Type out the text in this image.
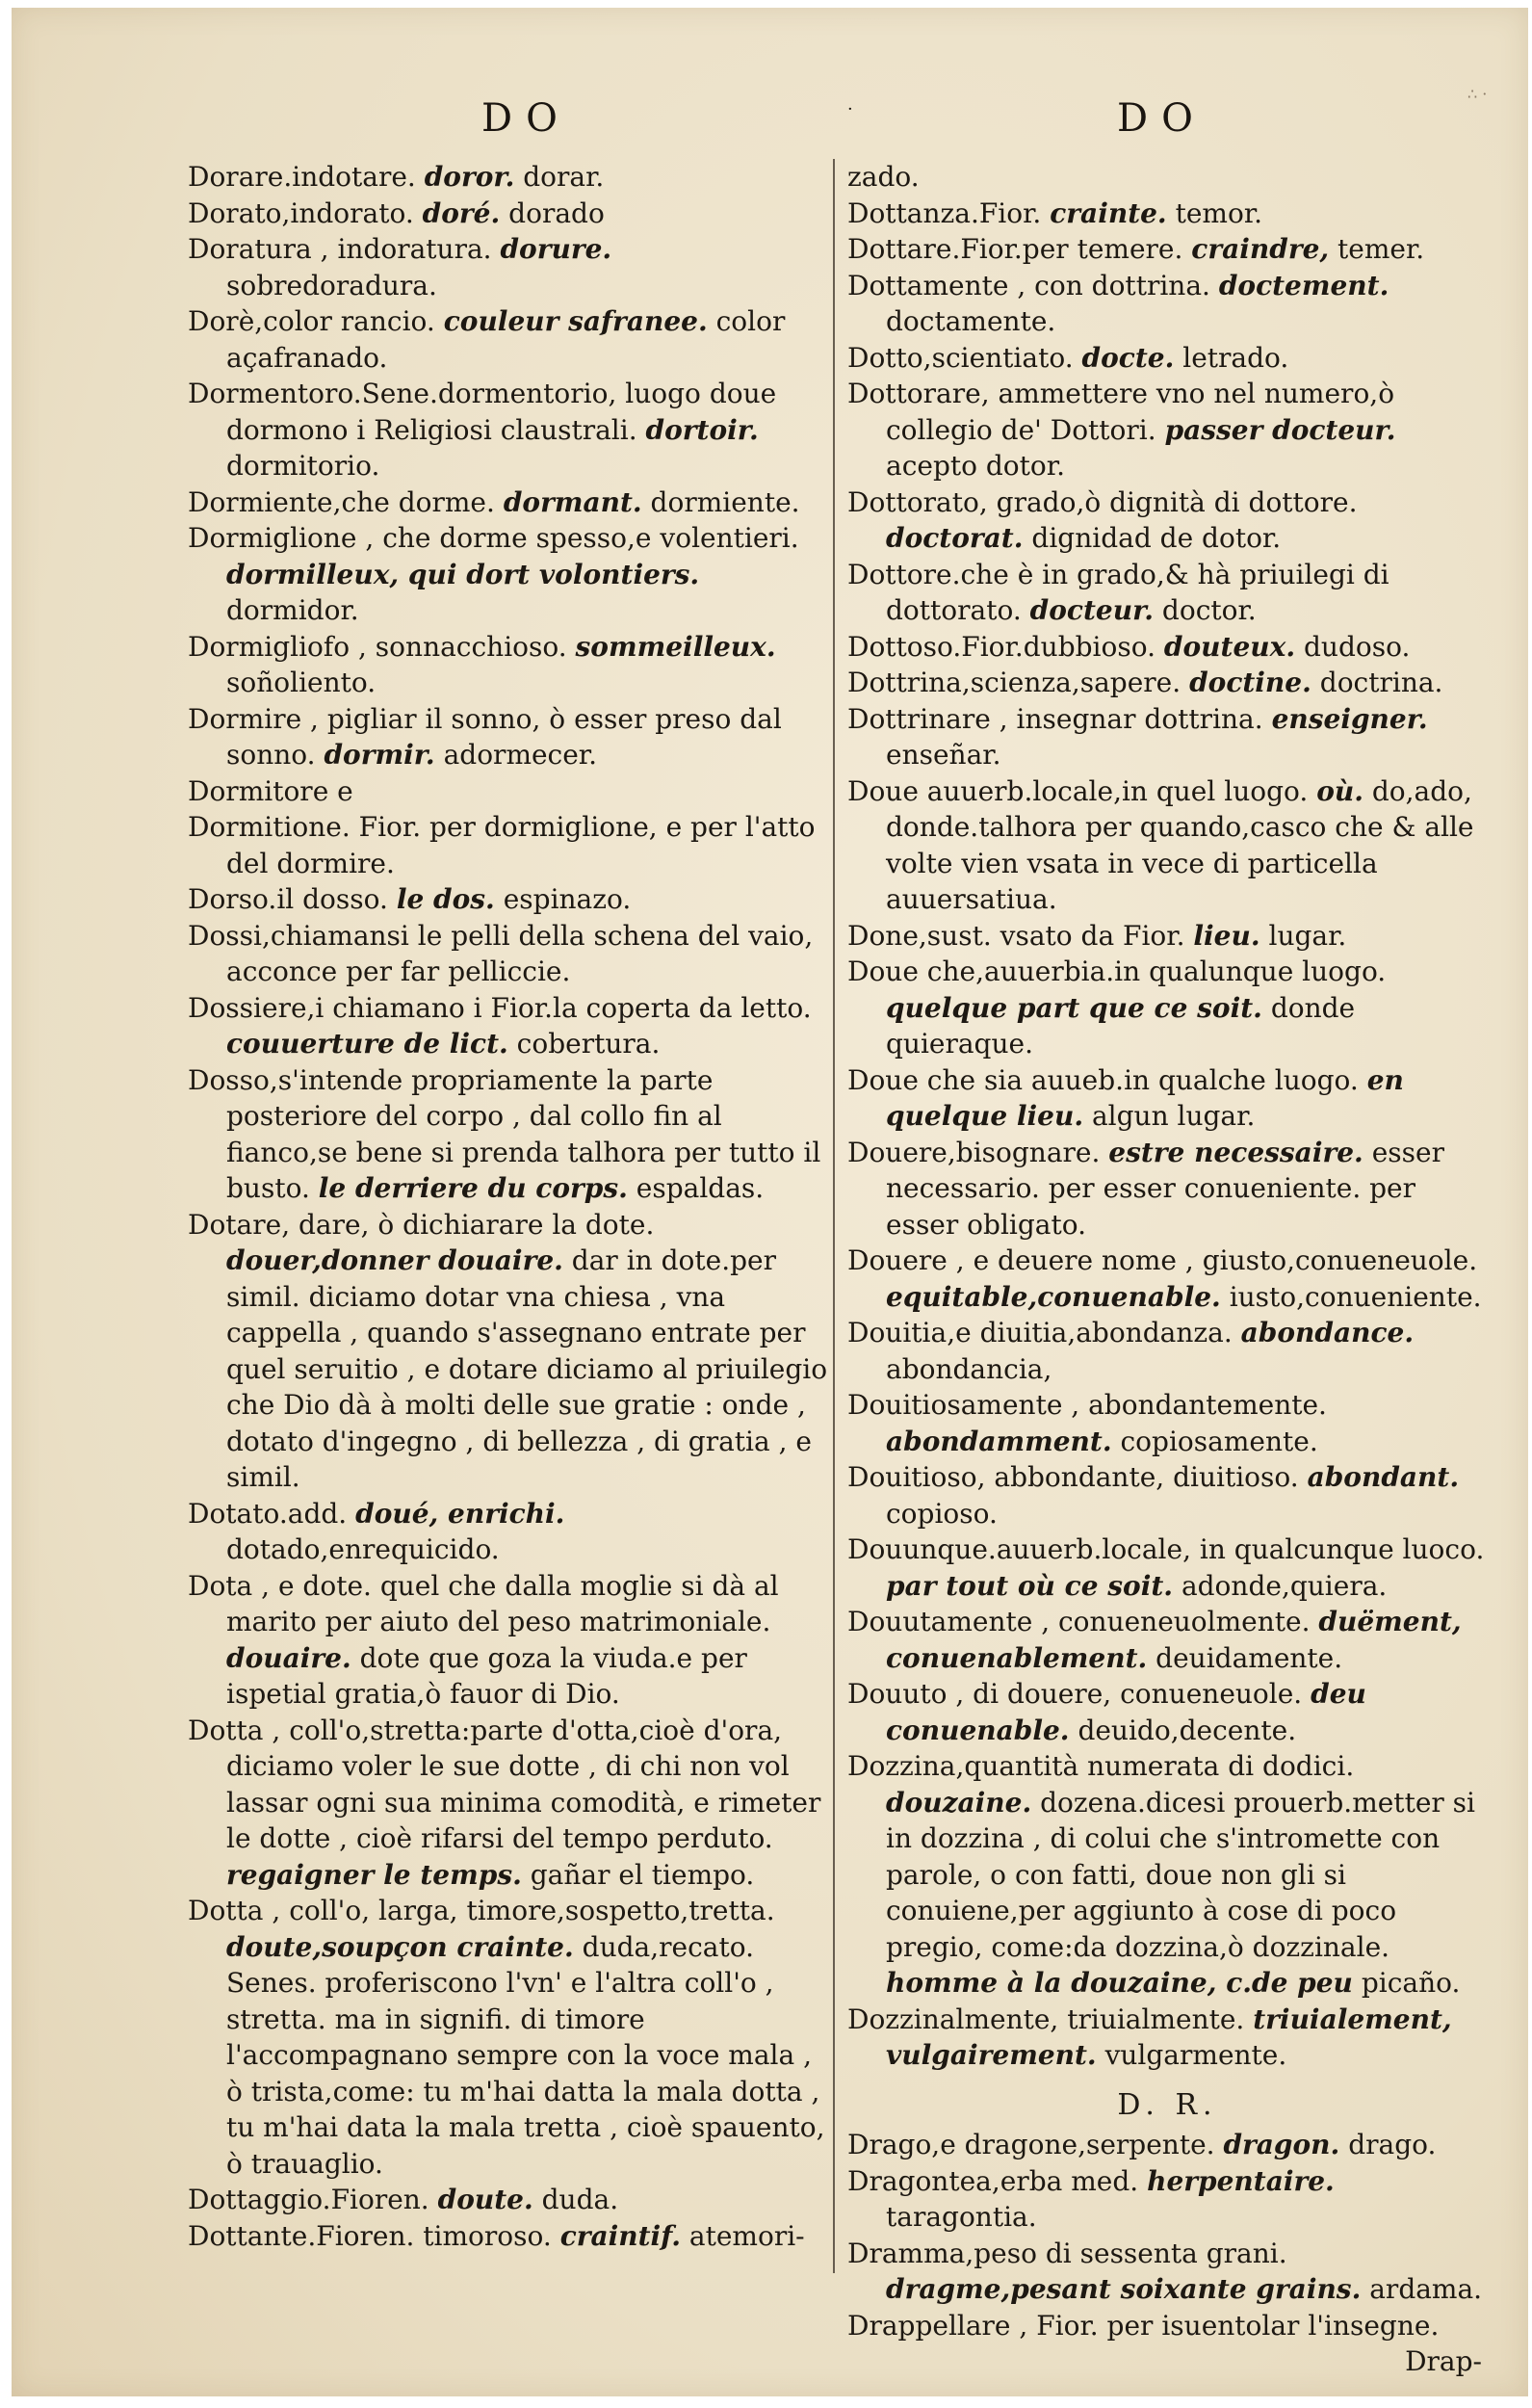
DO	·	DO
∴ ·
Dorare.indotare. doror. dorar.
Dorato,indorato. doré. dorado
Doratura , indoratura. dorure. sobredoradura.
Dorè,color rancio. couleur safranee. color açafranado.
Dormentoro.Sene.dormentorio, luogo doue dormono i Religiosi claustrali. dortoir. dormitorio.
Dormiente,che dorme. dormant. dormiente.
Dormiglione , che dorme spesso,e volentieri. dormilleux, qui dort volontiers. dormidor.
Dormigliofo , sonnacchioso. sommeilleux. soñoliento.
Dormire , pigliar il sonno, ò esser preso dal sonno. dormir. adormecer.
Dormitore e
Dormitione. Fior. per dormiglione, e per l'atto del dormire.
Dorso.il dosso. le dos. espinazo.
Dossi,chiamansi le pelli della schena del vaio, acconce per far pelliccie.
Dossiere,i chiamano i Fior.la coperta da letto. couuerture de lict. cobertura.
Dosso,s'intende propriamente la parte posteriore del corpo , dal collo fin al fianco,se bene si prenda talhora per tutto il busto. le derriere du corps. espaldas.
Dotare, dare, ò dichiarare la dote. douer,donner douaire. dar in dote.per simil. diciamo dotar vna chiesa , vna cappella , quando s'assegnano entrate per quel seruitio , e dotare diciamo al priuilegio che Dio dà à molti delle sue gratie : onde , dotato d'ingegno , di bellezza , di gratia , e simil.
Dotato.add. doué, enrichi. dotado,enrequicido.
Dota , e dote. quel che dalla moglie si dà al marito per aiuto del peso matrimoniale. douaire. dote que goza la viuda.e per ispetial gratia,ò fauor di Dio.
Dotta , coll'o,stretta:parte d'otta,cioè d'ora, diciamo voler le sue dotte , di chi non vol lassar ogni sua minima comodità, e rimeter le dotte , cioè rifarsi del tempo perduto. regaigner le temps. gañar el tiempo.
Dotta , coll'o, larga, timore,sospetto,tretta. doute,soupçon crainte. duda,recato. Senes. proferiscono l'vn' e l'altra coll'o , stretta. ma in signifi. di timore l'accompagnano sempre con la voce mala , ò trista,come: tu m'hai datta la mala dotta , tu m'hai data la mala tretta , cioè spauento, ò trauaglio.
Dottaggio.Fioren. doute. duda.
Dottante.Fioren. timoroso. craintif. atemori-
zado.
Dottanza.Fior. crainte. temor.
Dottare.Fior.per temere. craindre, temer.
Dottamente , con dottrina. doctement. doctamente.
Dotto,scientiato. docte. letrado.
Dottorare, ammettere vno nel numero,ò collegio de' Dottori. passer docteur. acepto dotor.
Dottorato, grado,ò dignità di dottore. doctorat. dignidad de dotor.
Dottore.che è in grado,& hà priuilegi di dottorato. docteur. doctor.
Dottoso.Fior.dubbioso. douteux. dudoso.
Dottrina,scienza,sapere. doctine. doctrina.
Dottrinare , insegnar dottrina. enseigner. enseñar.
Doue auuerb.locale,in quel luogo. où. do,ado, donde.talhora per quando,casco che & alle volte vien vsata in vece di particella auuersatiua.
Done,sust. vsato da Fior. lieu. lugar.
Doue che,auuerbia.in qualunque luogo. quelque part que ce soit. donde quieraque.
Doue che sia auueb.in qualche luogo. en quelque lieu. algun lugar.
Douere,bisognare. estre necessaire. esser necessario. per esser conueniente. per esser obligato.
Douere , e deuere nome , giusto,conueneuole. equitable,conuenable. iusto,conueniente.
Douitia,e diuitia,abondanza. abondance. abondancia,
Douitiosamente , abondantemente. abondamment. copiosamente.
Douitioso, abbondante, diuitioso. abondant. copioso.
Douunque.auuerb.locale, in qualcunque luoco. par tout où ce soit. adonde,quiera.
Douutamente , conueneuolmente. duëment, conuenablement. deuidamente.
Douuto , di douere, conueneuole. deu conuenable. deuido,decente.
Dozzina,quantità numerata di dodici. douzaine. dozena.dicesi prouerb.metter si in dozzina , di colui che s'intromette con parole, o con fatti, doue non gli si conuiene,per aggiunto à cose di poco pregio, come:da dozzina,ò dozzinale. homme à la douzaine, c.de peu picaño.
Dozzinalmente, triuialmente. triuialement, vulgairement. vulgarmente.
D. R.
Drago,e dragone,serpente. dragon. drago.
Dragontea,erba med. herpentaire. taragontia.
Dramma,peso di sessenta grani. dragme,pesant soixante grains. ardama.
Drappellare , Fior. per isuentolar l'insegne.
Drap-
